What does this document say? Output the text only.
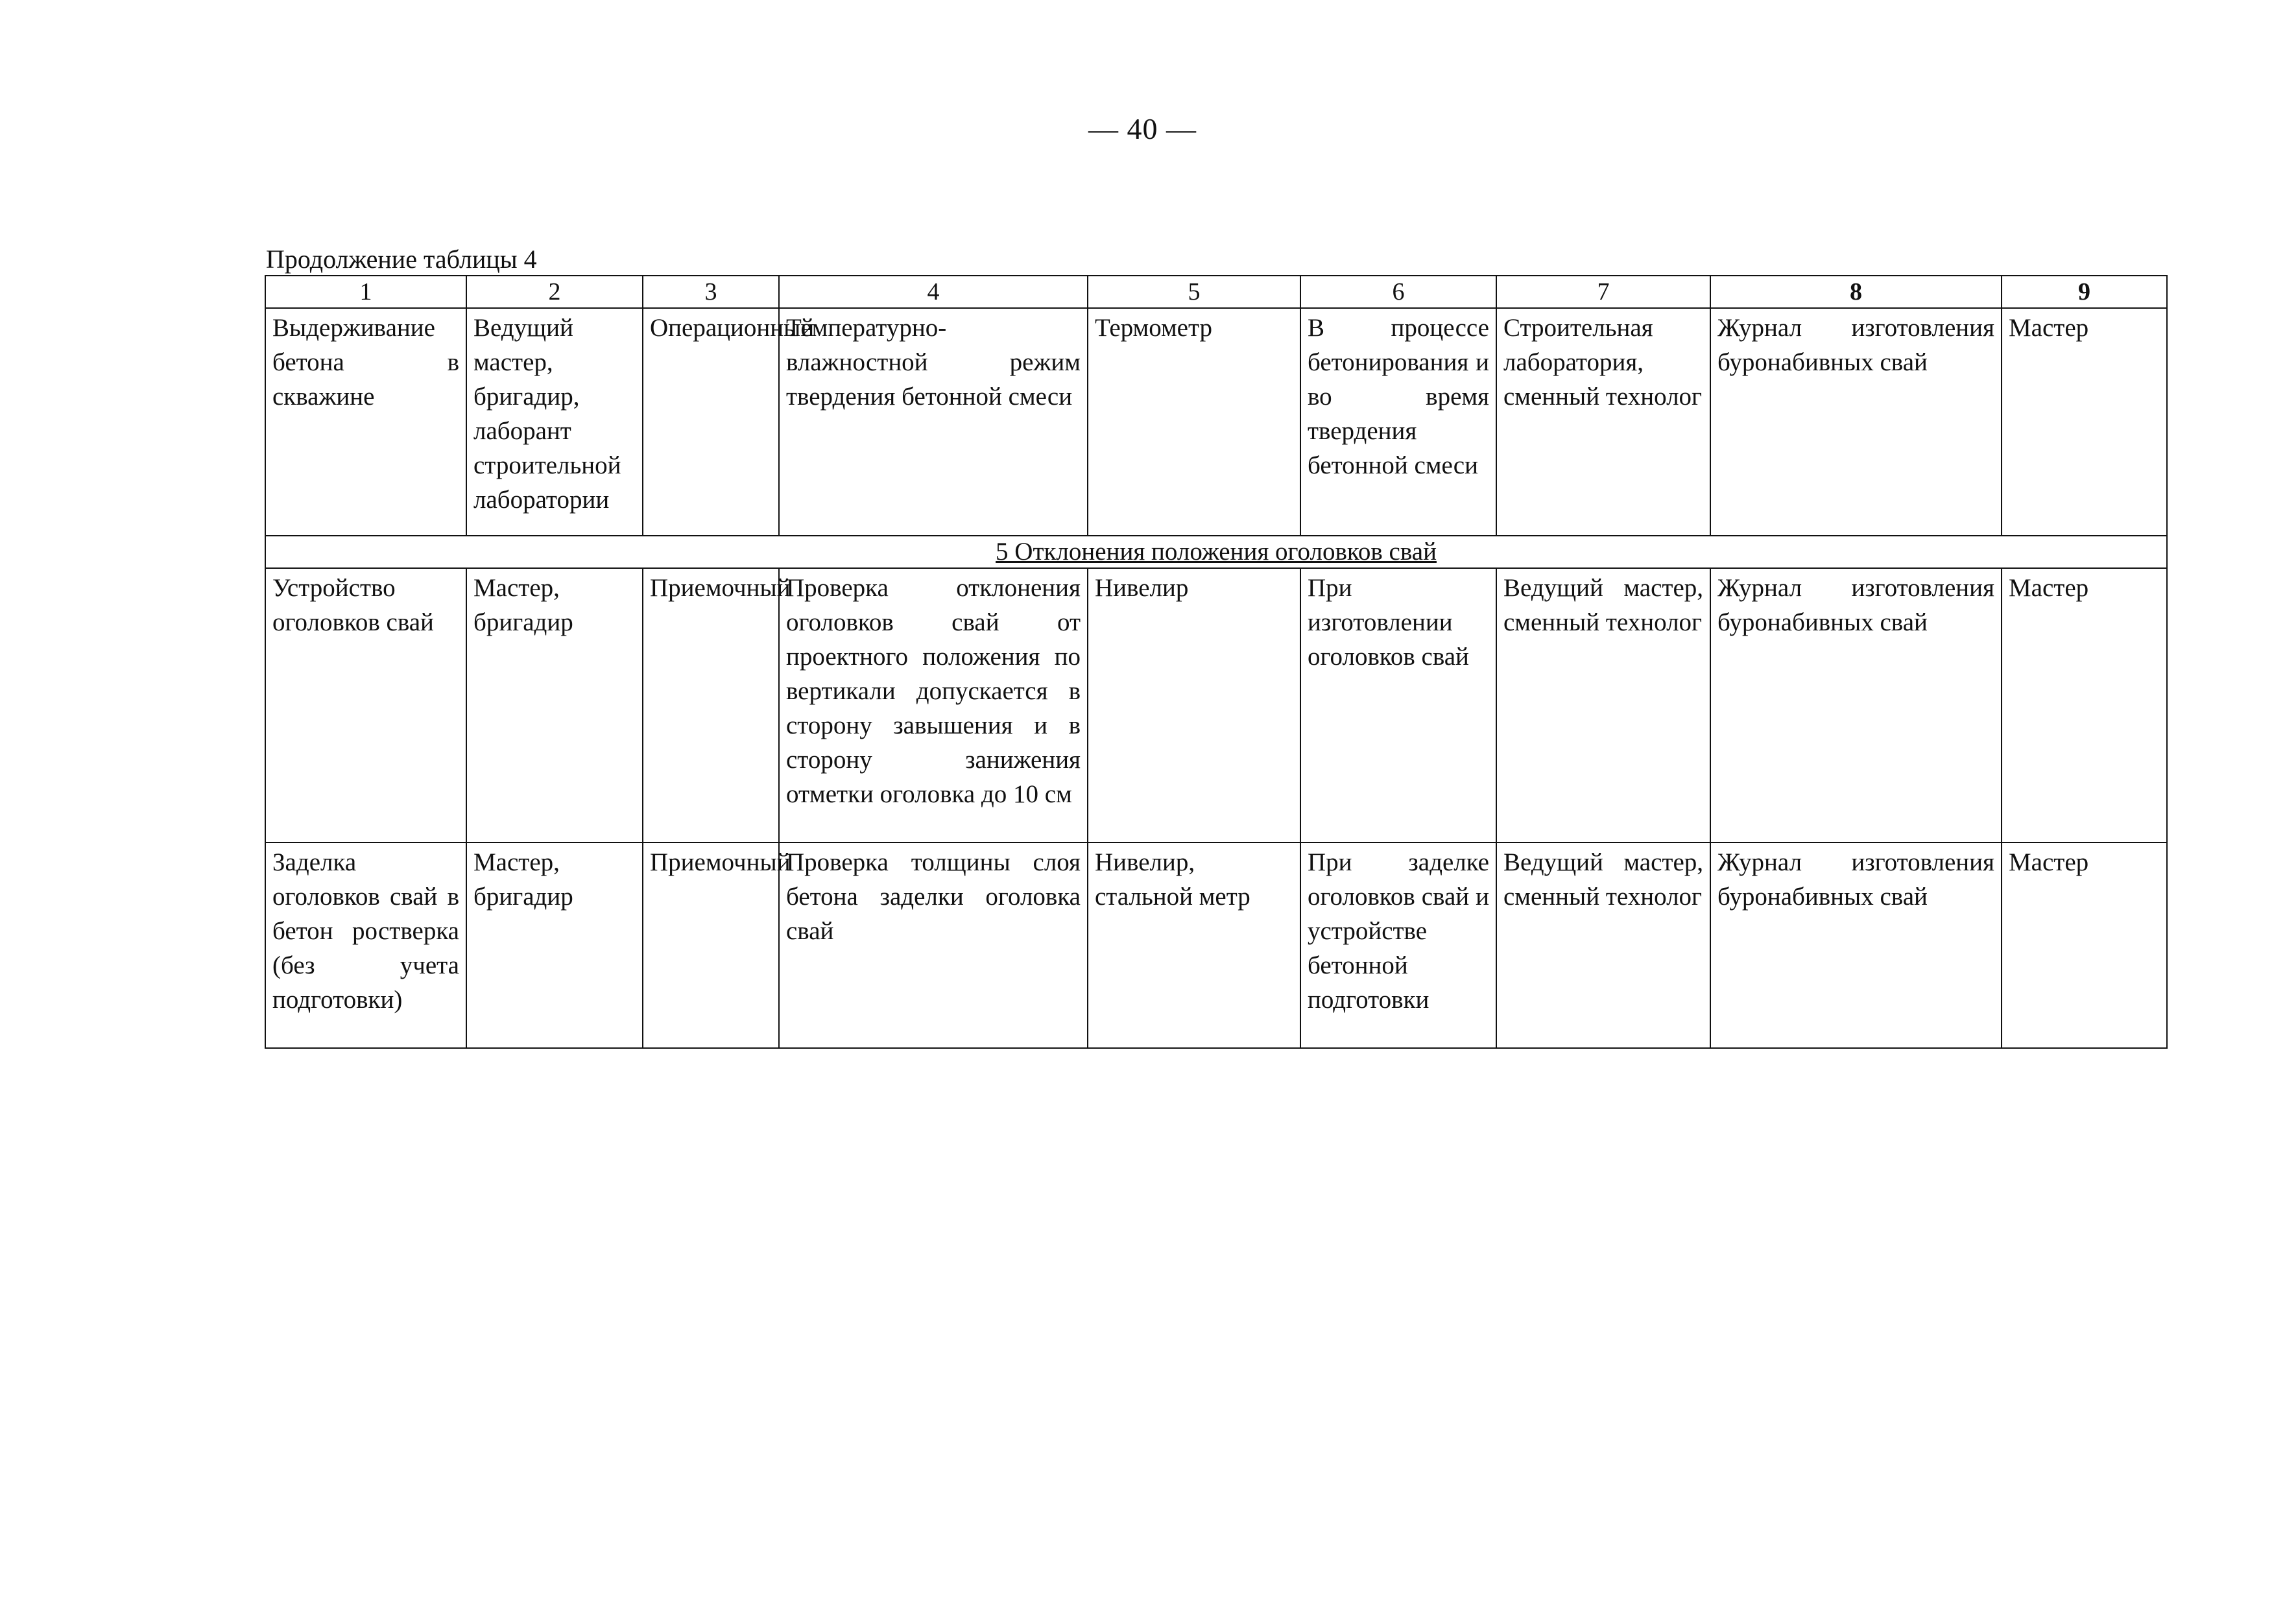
— 40 —
Продолжение таблицы 4
1	2	3	4	5	6	7	8	9
Выдерживание бетона в скважине	Ведущий мастер, бригадир, лаборант строительной лаборатории	Операционный	Температурно-влажностной режим твердения бетонной смеси	Термометр	В процессе бетонирования и во время твердения бетонной смеси	Строительная лаборатория, сменный технолог	Журнал изготовления буронабивных свай	Мастер
5 Отклонения положения оголовков свай								
Устройство оголовков свай	Мастер, бригадир	Приемочный	Проверка отклонения оголовков свай от проектного положения по вертикали допускается в сторону завышения и в сторону занижения отметки оголовка до 10 см	Нивелир	При изготовлении оголовков свай	Ведущий мастер, сменный технолог	Журнал изготовления буронабивных свай	Мастер
Заделка оголовков свай в бетон ростверка (без учета подготовки)	Мастер, бригадир	Приемочный	Проверка толщины слоя бетона заделки оголовка свай	Нивелир, стальной метр	При заделке оголовков свай и устройстве бетонной подготовки	Ведущий мастер, сменный технолог	Журнал изготовления буронабивных свай	Мастер
